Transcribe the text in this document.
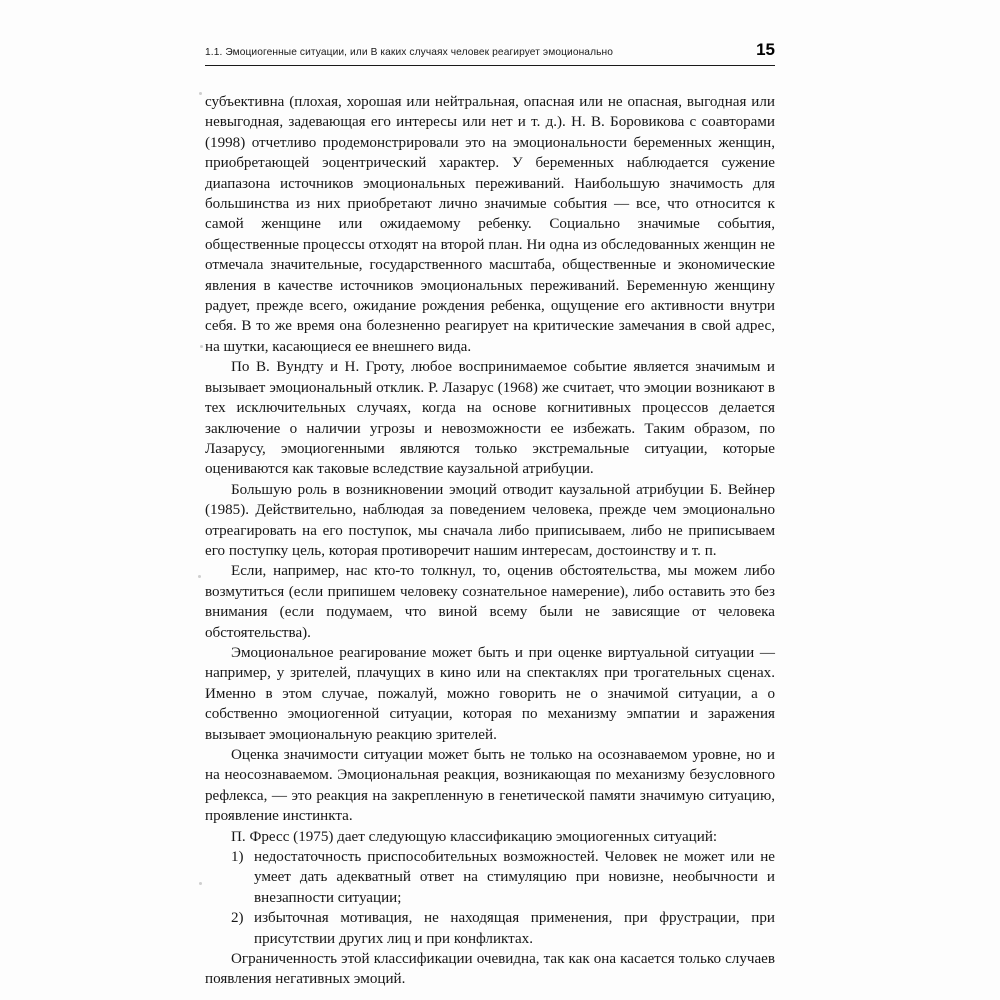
1.1. Эмоциогенные ситуации, или В каких случаях человек реагирует эмоционально	15

субъективна (плохая, хорошая или нейтральная, опасная или не опасная, выгодная или невыгодная, задевающая его интересы или нет и т. д.). Н. В. Боровикова с соавторами (1998) отчетливо продемонстрировали это на эмоциональности беременных женщин, приобретающей эоцентрический характер. У беременных наблюдается сужение диапазона источников эмоциональных переживаний. Наибольшую значимость для большинства из них приобретают лично значимые события — все, что относится к самой женщине или ожидаемому ребенку. Социально значимые события, общественные процессы отходят на второй план. Ни одна из обследованных женщин не отмечала значительные, государственного масштаба, общественные и экономические явления в качестве источников эмоциональных переживаний. Беременную женщину радует, прежде всего, ожидание рождения ребенка, ощущение его активности внутри себя. В то же время она болезненно реагирует на критические замечания в свой адрес, на шутки, касающиеся ее внешнего вида.

По В. Вундту и Н. Гроту, любое воспринимаемое событие является значимым и вызывает эмоциональный отклик. Р. Лазарус (1968) же считает, что эмоции возникают в тех исключительных случаях, когда на основе когнитивных процессов делается заключение о наличии угрозы и невозможности ее избежать. Таким образом, по Лазарусу, эмоциогенными являются только экстремальные ситуации, которые оцениваются как таковые вследствие каузальной атрибуции.

Большую роль в возникновении эмоций отводит каузальной атрибуции Б. Вейнер (1985). Действительно, наблюдая за поведением человека, прежде чем эмоционально отреагировать на его поступок, мы сначала либо приписываем, либо не приписываем его поступку цель, которая противоречит нашим интересам, достоинству и т. п.

Если, например, нас кто-то толкнул, то, оценив обстоятельства, мы можем либо возмутиться (если припишем человеку сознательное намерение), либо оставить это без внимания (если подумаем, что виной всему были не зависящие от человека обстоятельства).

Эмоциональное реагирование может быть и при оценке виртуальной ситуации — например, у зрителей, плачущих в кино или на спектаклях при трогательных сценах. Именно в этом случае, пожалуй, можно говорить не о значимой ситуации, а о собственно эмоциогенной ситуации, которая по механизму эмпатии и заражения вызывает эмоциональную реакцию зрителей.

Оценка значимости ситуации может быть не только на осознаваемом уровне, но и на неосознаваемом. Эмоциональная реакция, возникающая по механизму безусловного рефлекса, — это реакция на закрепленную в генетической памяти значимую ситуацию, проявление инстинкта.

П. Фресс (1975) дает следующую классификацию эмоциогенных ситуаций:

1) недостаточность приспособительных возможностей. Человек не может или не умеет дать адекватный ответ на стимуляцию при новизне, необычности и внезапности ситуации;
2) избыточная мотивация, не находящая применения, при фрустрации, при присутствии других лиц и при конфликтах.

Ограниченность этой классификации очевидна, так как она касается только случаев появления негативных эмоций.
